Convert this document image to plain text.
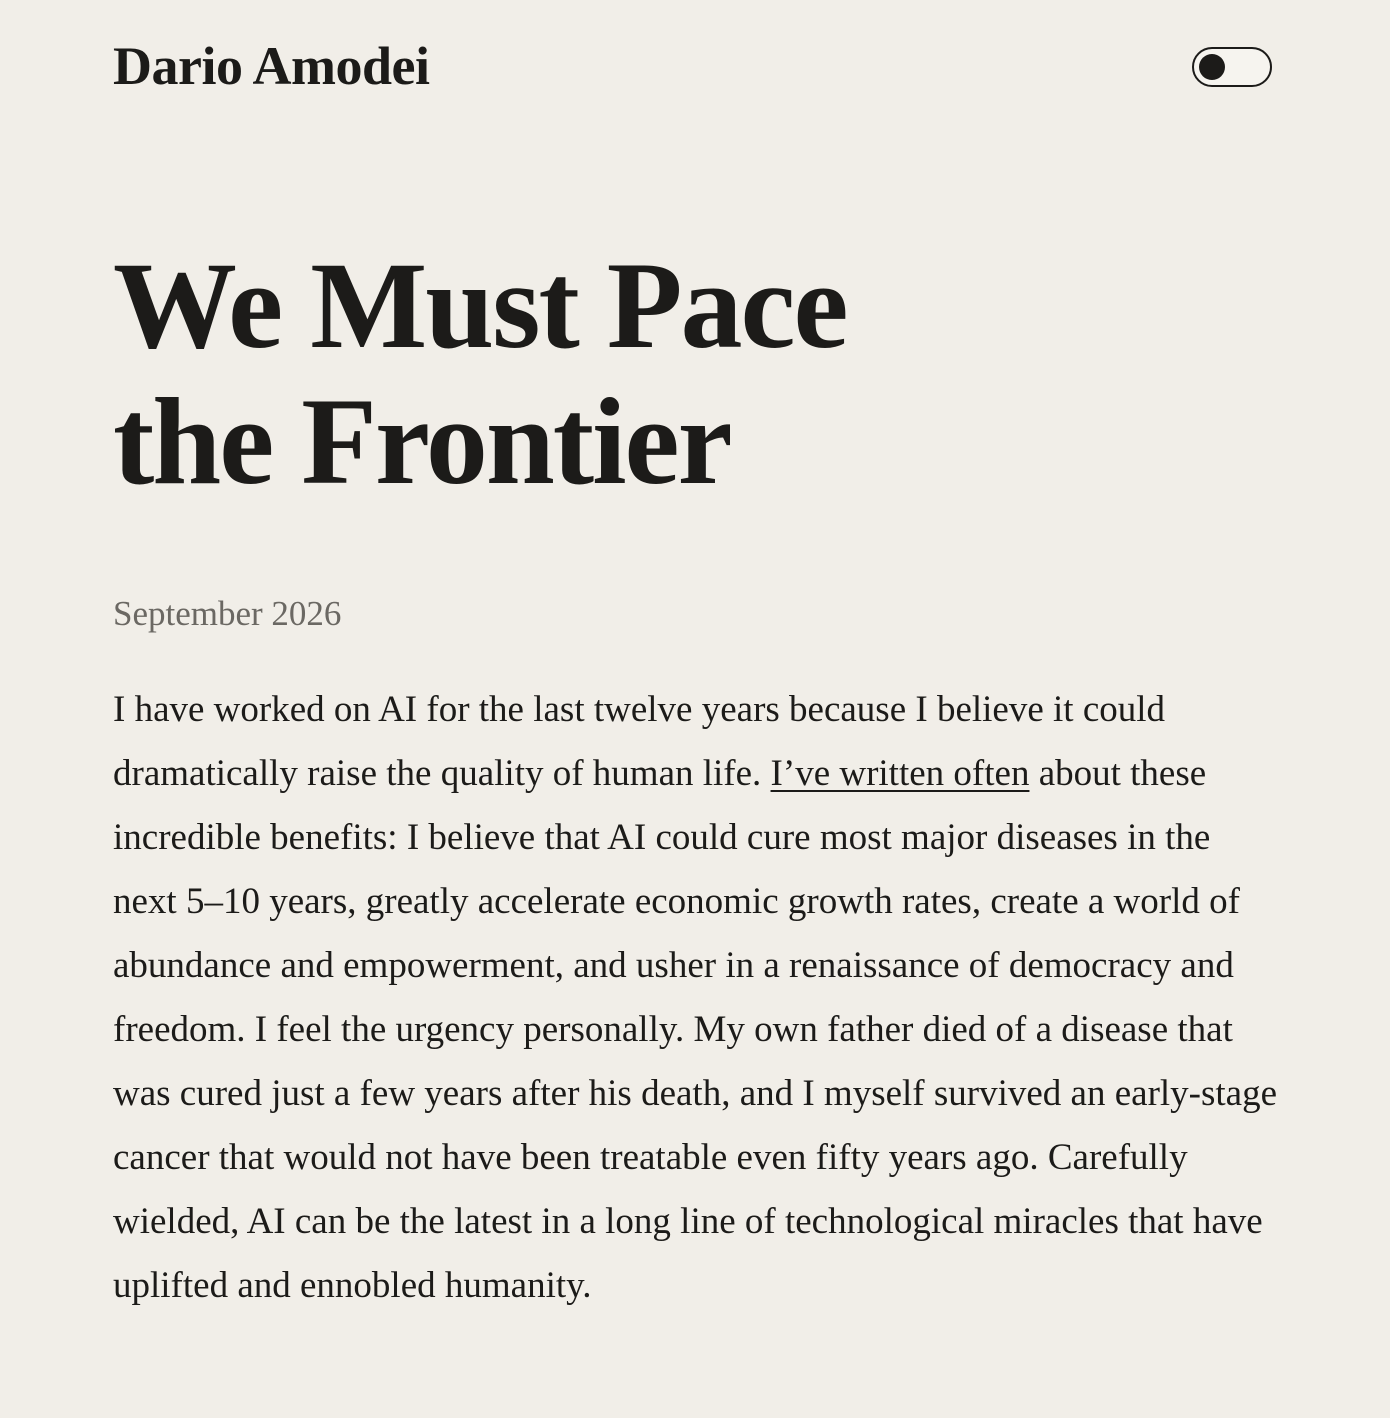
Dario Amodei
We Must Pace
the Frontier
September 2026

I have worked on AI for the last twelve years because I believe it could dramatically raise the quality of human life. I’ve written often about these incredible benefits: I believe that AI could cure most major diseases in the next 5–10 years, greatly accelerate economic growth rates, create a world of abundance and empowerment, and usher in a renaissance of democracy and freedom. I feel the urgency personally. My own father died of a disease that was cured just a few years after his death, and I myself survived an early-stage cancer that would not have been treatable even fifty years ago. Carefully wielded, AI can be the latest in a long line of technological miracles that have uplifted and ennobled humanity.
